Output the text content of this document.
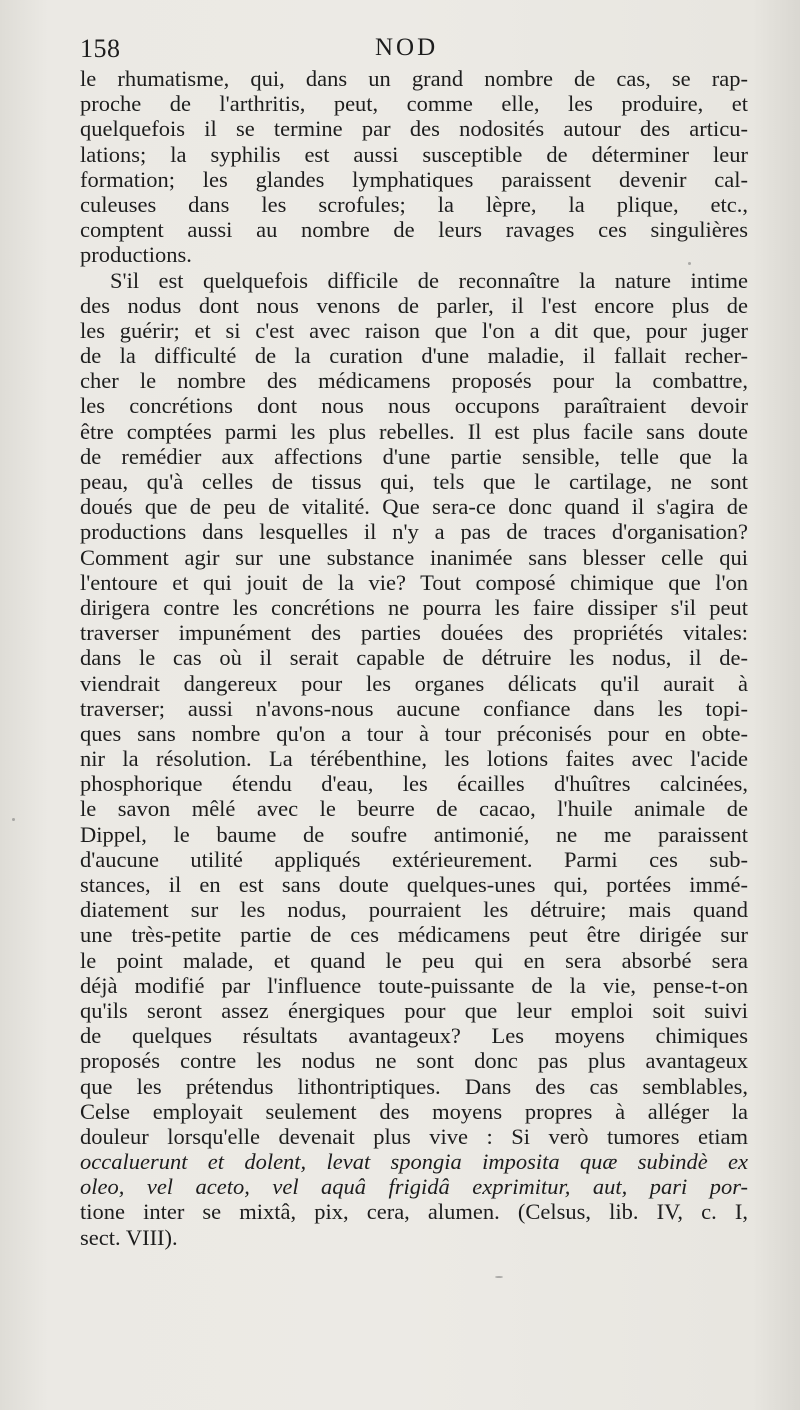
158	NOD
le rhumatisme, qui, dans un grand nombre de cas, se rap-
proche de l'arthritis, peut, comme elle, les produire, et
quelquefois il se termine par des nodosités autour des articu-
lations; la syphilis est aussi susceptible de déterminer leur
formation; les glandes lymphatiques paraissent devenir cal-
culeuses dans les scrofules; la lèpre, la plique, etc.,
comptent aussi au nombre de leurs ravages ces singulières
productions.
S'il est quelquefois difficile de reconnaître la nature intime
des nodus dont nous venons de parler, il l'est encore plus de
les guérir; et si c'est avec raison que l'on a dit que, pour juger
de la difficulté de la curation d'une maladie, il fallait recher-
cher le nombre des médicamens proposés pour la combattre,
les concrétions dont nous nous occupons paraîtraient devoir
être comptées parmi les plus rebelles. Il est plus facile sans doute
de remédier aux affections d'une partie sensible, telle que la
peau, qu'à celles de tissus qui, tels que le cartilage, ne sont
doués que de peu de vitalité. Que sera-ce donc quand il s'agira de
productions dans lesquelles il n'y a pas de traces d'organisation?
Comment agir sur une substance inanimée sans blesser celle qui
l'entoure et qui jouit de la vie? Tout composé chimique que l'on
dirigera contre les concrétions ne pourra les faire dissiper s'il peut
traverser impunément des parties douées des propriétés vitales:
dans le cas où il serait capable de détruire les nodus, il de-
viendrait dangereux pour les organes délicats qu'il aurait à
traverser; aussi n'avons-nous aucune confiance dans les topi-
ques sans nombre qu'on a tour à tour préconisés pour en obte-
nir la résolution. La térébenthine, les lotions faites avec l'acide
phosphorique étendu d'eau, les écailles d'huîtres calcinées,
le savon mêlé avec le beurre de cacao, l'huile animale de
Dippel, le baume de soufre antimonié, ne me paraissent
d'aucune utilité appliqués extérieurement. Parmi ces sub-
stances, il en est sans doute quelques-unes qui, portées immé-
diatement sur les nodus, pourraient les détruire; mais quand
une très-petite partie de ces médicamens peut être dirigée sur
le point malade, et quand le peu qui en sera absorbé sera
déjà modifié par l'influence toute-puissante de la vie, pense-t-on
qu'ils seront assez énergiques pour que leur emploi soit suivi
de quelques résultats avantageux? Les moyens chimiques
proposés contre les nodus ne sont donc pas plus avantageux
que les prétendus lithontriptiques. Dans des cas semblables,
Celse employait seulement des moyens propres à alléger la
douleur lorsqu'elle devenait plus vive : Si verò tumores etiam
occaluerunt et dolent, levat spongia imposita quæ subindè ex
oleo, vel aceto, vel aquâ frigidâ exprimitur, aut, pari por-
tione inter se mixtâ, pix, cera, alumen. (Celsus, lib. IV, c. I,
sect. VIII).
